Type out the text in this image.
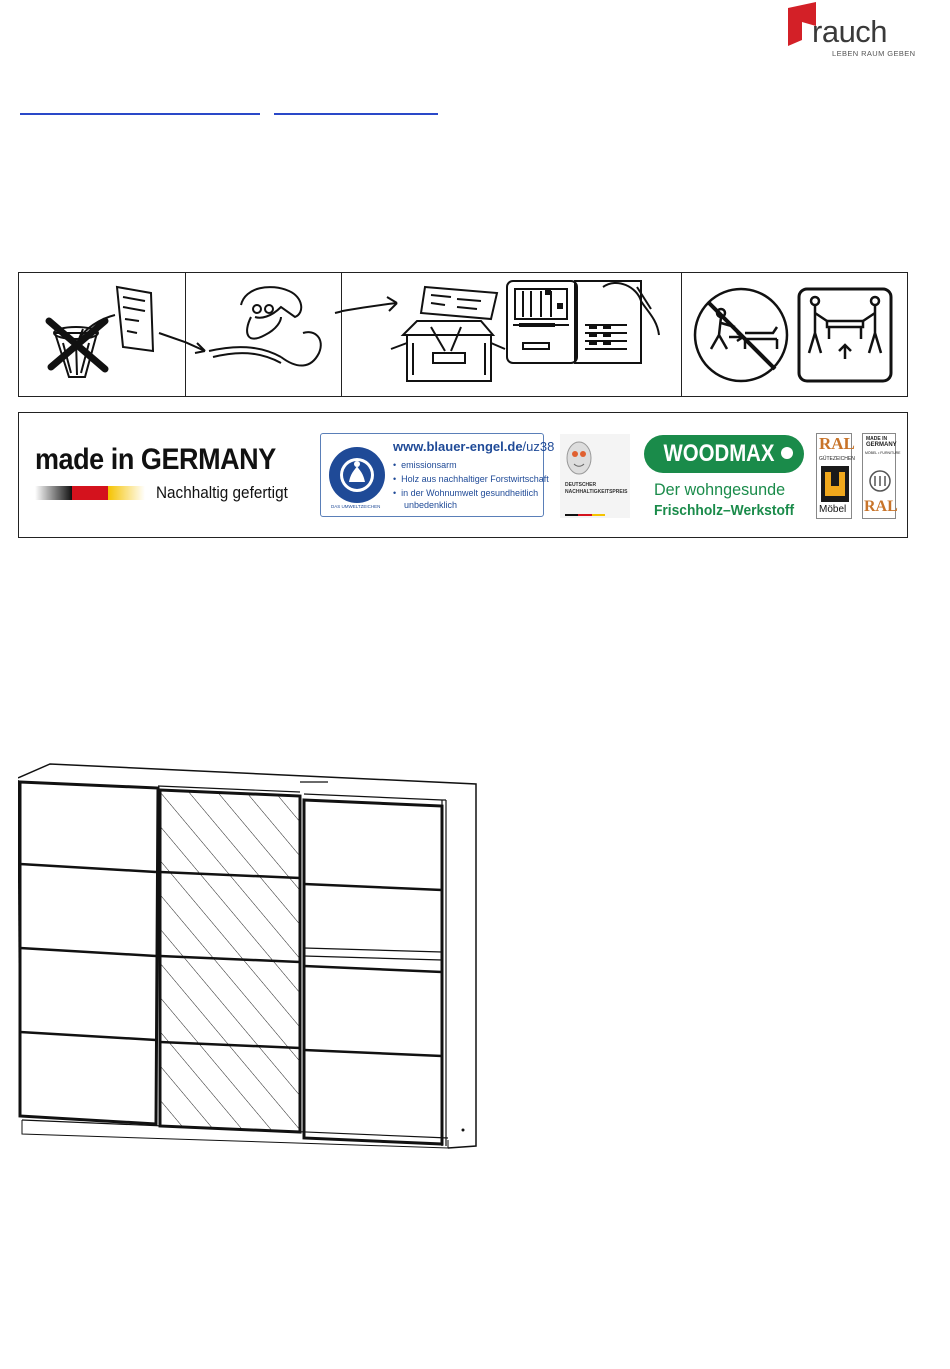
rauch
LEBEN RAUM GEBEN
made in GERMANY
Nachhaltig gefertigt
BLAUER ENGEL
DAS UMWELTZEICHEN
www.blauer-engel.de/uz38
•  emissionsarm
•  Holz aus nachhaltiger Forstwirtschaft
•  in der Wohnumwelt gesundheitlich
unbedenklich
DEUTSCHER
NACHHALTIGKEITSPREIS
WOODMAX
Der wohngesunde
Frischholz–Werkstoff
RAL
GÜTEZEICHEN
Möbel
MADE IN
GERMANY
MÖBEL • FURNITURE
RAL
